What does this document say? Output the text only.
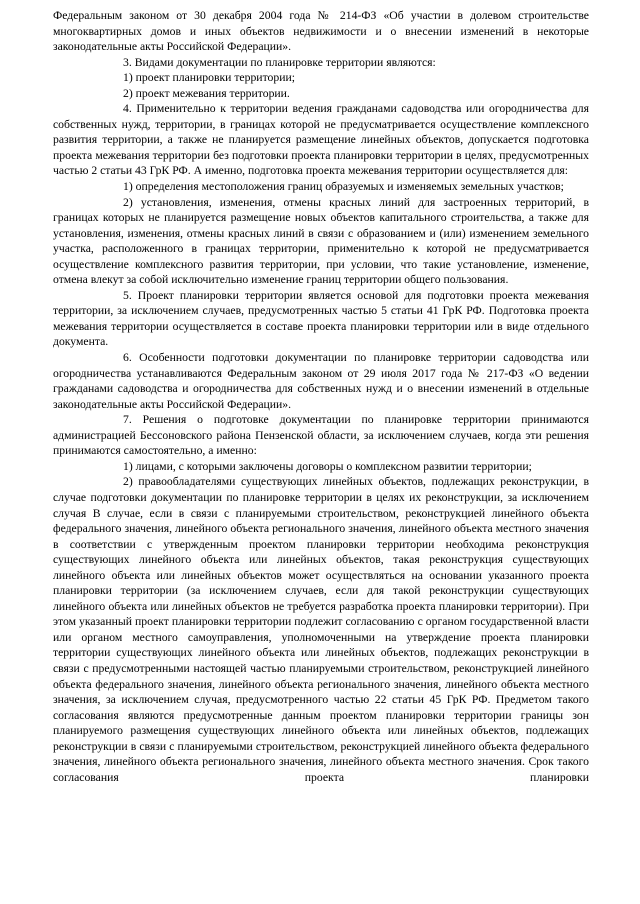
Федеральным законом от 30 декабря 2004 года № 214-ФЗ «Об участии в долевом строительстве многоквартирных домов и иных объектов недвижимости и о внесении изменений в некоторые законодательные акты Российской Федерации».

3. Видами документации по планировке территории являются:

1) проект планировки территории;

2) проект межевания территории.

4. Применительно к территории ведения гражданами садоводства или огородничества для собственных нужд, территории, в границах которой не предусматривается осуществление комплексного развития территории, а также не планируется размещение линейных объектов, допускается подготовка проекта межевания территории без подготовки проекта планировки территории в целях, предусмотренных частью 2 статьи 43 ГрК РФ. А именно, подготовка проекта межевания территории осуществляется для:

1) определения местоположения границ образуемых и изменяемых земельных участков;

2) установления, изменения, отмены красных линий для застроенных территорий, в границах которых не планируется размещение новых объектов капитального строительства, а также для установления, изменения, отмены красных линий в связи с образованием и (или) изменением земельного участка, расположенного в границах территории, применительно к которой не предусматривается осуществление комплексного развития территории, при условии, что такие установление, изменение, отмена влекут за собой исключительно изменение границ территории общего пользования.

5. Проект планировки территории является основой для подготовки проекта межевания территории, за исключением случаев, предусмотренных частью 5 статьи 41 ГрК РФ. Подготовка проекта межевания территории осуществляется в составе проекта планировки территории или в виде отдельного документа.

6. Особенности подготовки документации по планировке территории садоводства или огородничества устанавливаются Федеральным законом от 29 июля 2017 года № 217-ФЗ «О ведении гражданами садоводства и огородничества для собственных нужд и о внесении изменений в отдельные законодательные акты Российской Федерации».

7. Решения о подготовке документации по планировке территории принимаются администрацией Бессоновского района Пензенской области, за исключением случаев, когда эти решения принимаются самостоятельно, а именно:

1) лицами, с которыми заключены договоры о комплексном развитии территории;

2) правообладателями существующих линейных объектов, подлежащих реконструкции, в случае подготовки документации по планировке территории в целях их реконструкции, за исключением случая В случае, если в связи с планируемыми строительством, реконструкцией линейного объекта федерального значения, линейного объекта регионального значения, линейного объекта местного значения в соответствии с утвержденным проектом планировки территории необходима реконструкция существующих линейного объекта или линейных объектов, такая реконструкция существующих линейного объекта или линейных объектов может осуществляться на основании указанного проекта планировки территории (за исключением случаев, если для такой реконструкции существующих линейного объекта или линейных объектов не требуется разработка проекта планировки территории). При этом указанный проект планировки территории подлежит согласованию с органом государственной власти или органом местного самоуправления, уполномоченными на утверждение проекта планировки территории существующих линейного объекта или линейных объектов, подлежащих реконструкции в связи с предусмотренными настоящей частью планируемыми строительством, реконструкцией линейного объекта федерального значения, линейного объекта регионального значения, линейного объекта местного значения, за исключением случая, предусмотренного частью 22 статьи 45 ГрК РФ. Предметом такого согласования являются предусмотренные данным проектом планировки территории границы зон планируемого размещения существующих линейного объекта или линейных объектов, подлежащих реконструкции в связи с планируемыми строительством, реконструкцией линейного объекта федерального значения, линейного объекта регионального значения, линейного объекта местного значения. Срок такого согласования проекта планировки
